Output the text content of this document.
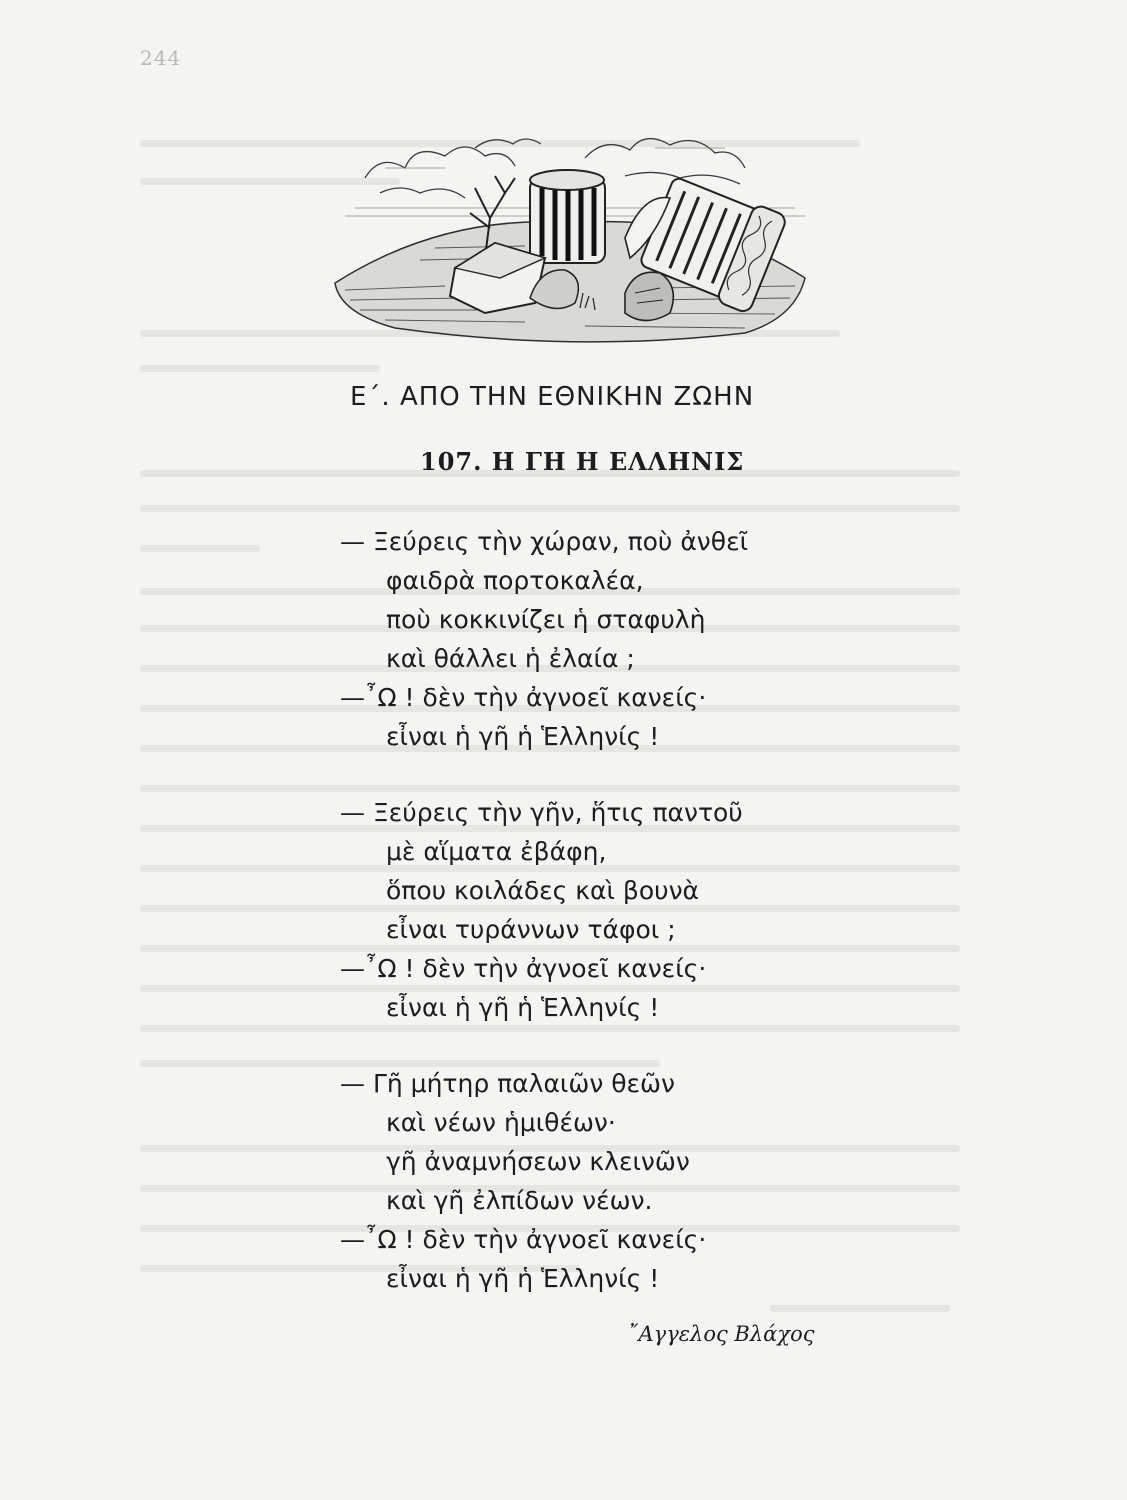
244
Ε΄. ΑΠΟ ΤΗΝ ΕΘΝΙΚΗΝ ΖΩΗΝ
107. Η ΓΗ Η ΕΛΛΗΝΙΣ
— Ξεύρεις τὴν χώραν, ποὺ ἀνθεῖ
φαιδρὰ πορτοκαλέα,
ποὺ κοκκινίζει ἡ σταφυλὴ
καὶ θάλλει ἡ ἐλαία ;
—῏Ω ! δὲν τὴν ἀγνοεῖ κανείς·
εἶναι ἡ γῆ ἡ Ἑλληνίς !
— Ξεύρεις τὴν γῆν, ἥτις παντοῦ
μὲ αἵματα ἐβάφη,
ὅπου κοιλάδες καὶ βουνὰ
εἶναι τυράννων τάφοι ;
—῏Ω ! δὲν τὴν ἀγνοεῖ κανείς·
εἶναι ἡ γῆ ἡ Ἑλληνίς !
— Γῆ μήτηρ παλαιῶν θεῶν
καὶ νέων ἡμιθέων·
γῆ ἀναμνήσεων κλεινῶν
καὶ γῆ ἐλπίδων νέων.
—῏Ω ! δὲν τὴν ἀγνοεῖ κανείς·
εἶναι ἡ γῆ ἡ Ἑλληνίς !
῎Αγγελος Βλάχος
